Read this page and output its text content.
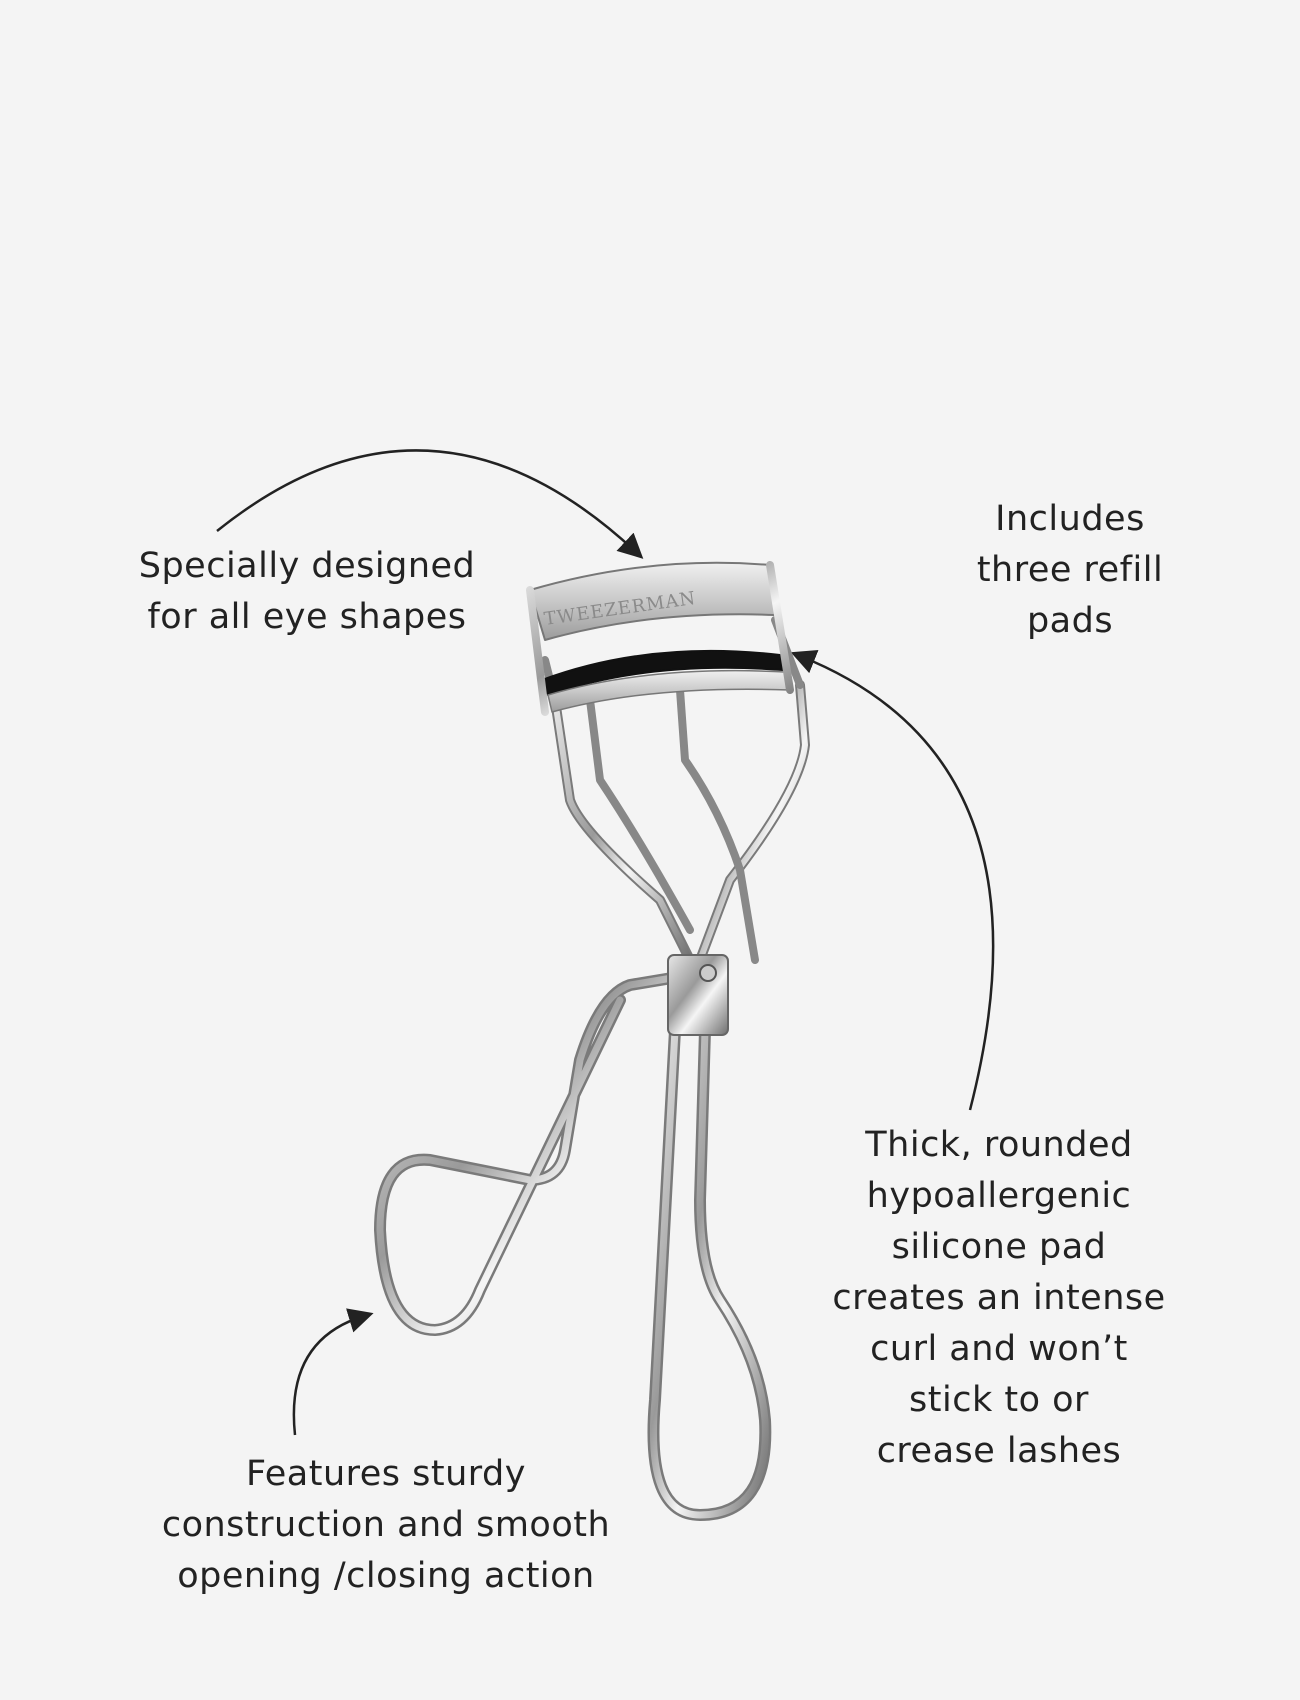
TWEEZERMAN
Specially designed
for all eye shapes
Includes
three refill
pads
Thick, rounded
hypoallergenic
silicone pad
creates an intense
curl and won’t
stick to or
crease lashes
Features sturdy
construction and smooth
opening /closing action
